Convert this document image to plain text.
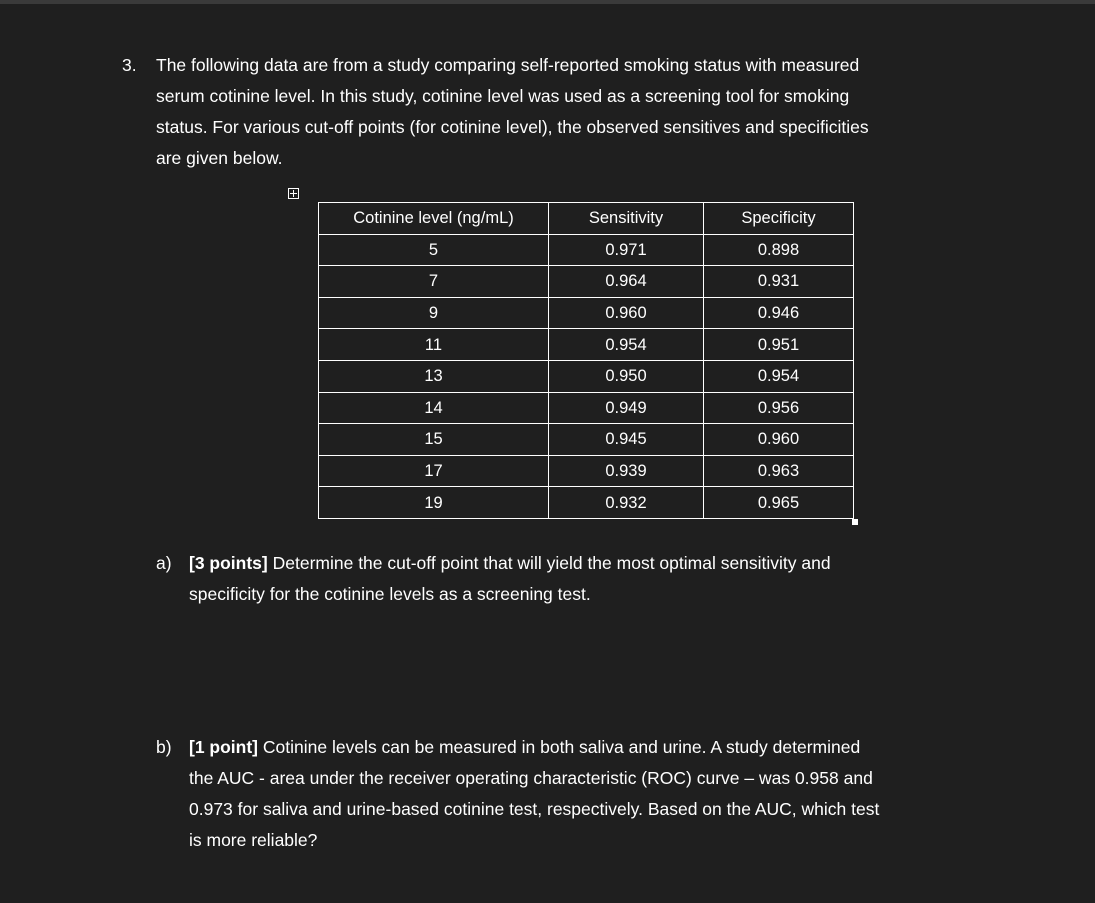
3. The following data are from a study comparing self-reported smoking status with measured
serum cotinine level. In this study, cotinine level was used as a screening tool for smoking
status. For various cut-off points (for cotinine level), the observed sensitives and specificities
are given below.
Cotinine level (ng/mL)	Sensitivity	Specificity
5	0.971	0.898
7	0.964	0.931
9	0.960	0.946
11	0.954	0.951
13	0.950	0.954
14	0.949	0.956
15	0.945	0.960
17	0.939	0.963
19	0.932	0.965
a) [3 points] Determine the cut-off point that will yield the most optimal sensitivity and
specificity for the cotinine levels as a screening test.
b) [1 point] Cotinine levels can be measured in both saliva and urine. A study determined
the AUC - area under the receiver operating characteristic (ROC) curve – was 0.958 and
0.973 for saliva and urine-based cotinine test, respectively. Based on the AUC, which test
is more reliable?
